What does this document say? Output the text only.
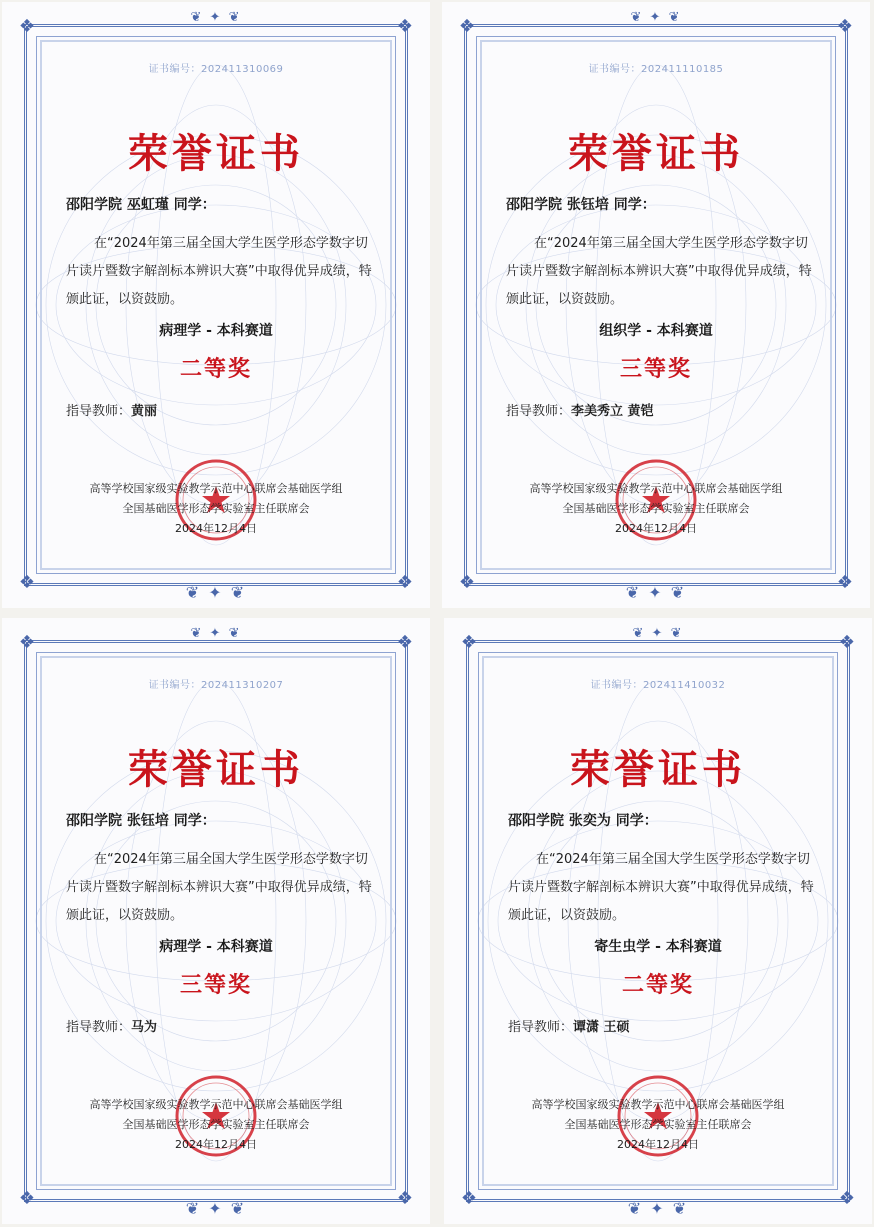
❖	❖
❖	❖
❦ ✦ ❦
❦ ✦ ❦
证书编号：202411310069
荣誉证书
邵阳学院 巫虹瑾 同学：
在“2024年第三届全国大学生医学形态学数字切片读片暨数字解剖标本辨识大赛”中取得优异成绩，特颁此证，以资鼓励。
病理学 - 本科赛道
二等奖
指导教师：黄丽
高等学校国家级实验教学示范中心联席会基础医学组
全国基础医学形态学实验室主任联席会
2024年12月4日
❖	❖
❖	❖
❦ ✦ ❦
❦ ✦ ❦
证书编号：202411110185
荣誉证书
邵阳学院 张钰培 同学：
在“2024年第三届全国大学生医学形态学数字切片读片暨数字解剖标本辨识大赛”中取得优异成绩，特颁此证，以资鼓励。
组织学 - 本科赛道
三等奖
指导教师：李美秀立 黄铠
高等学校国家级实验教学示范中心联席会基础医学组
全国基础医学形态学实验室主任联席会
2024年12月4日
❖	❖
❖	❖
❦ ✦ ❦
❦ ✦ ❦
证书编号：202411310207
荣誉证书
邵阳学院 张钰培 同学：
在“2024年第三届全国大学生医学形态学数字切片读片暨数字解剖标本辨识大赛”中取得优异成绩，特颁此证，以资鼓励。
病理学 - 本科赛道
三等奖
指导教师：马为
高等学校国家级实验教学示范中心联席会基础医学组
全国基础医学形态学实验室主任联席会
2024年12月4日
❖	❖
❖	❖
❦ ✦ ❦
❦ ✦ ❦
证书编号：202411410032
荣誉证书
邵阳学院 张奕为 同学：
在“2024年第三届全国大学生医学形态学数字切片读片暨数字解剖标本辨识大赛”中取得优异成绩，特颁此证，以资鼓励。
寄生虫学 - 本科赛道
二等奖
指导教师：谭潇 王硕
高等学校国家级实验教学示范中心联席会基础医学组
全国基础医学形态学实验室主任联席会
2024年12月4日
